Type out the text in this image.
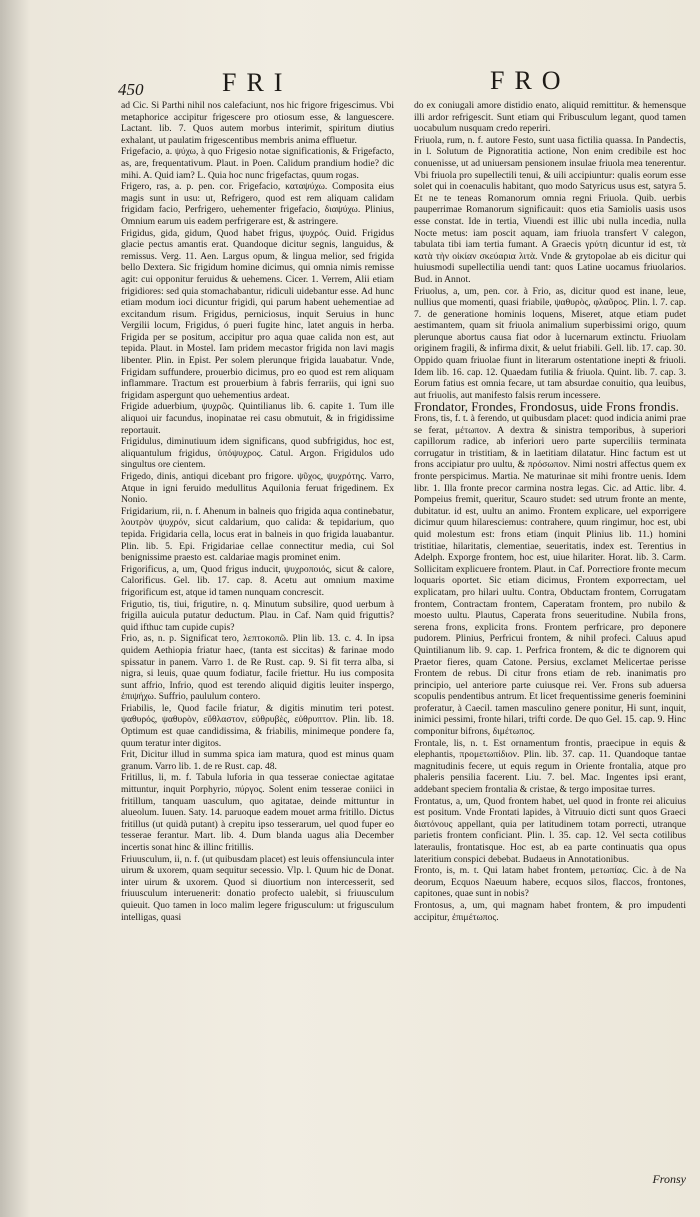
450	FRI	FRO

ad Cic. Si Parthi nihil nos calefaciunt, nos hic frigore frigescimus. Vbi metaphorice accipitur frigescere pro otiosum esse, & languescere. Lactant. lib. 7. Quos autem morbus interimit, spiritum diutius exhalant, ut paulatim frigescentibus membris anima effluetur.

Frigefacio, a. ψύχω, à quo Frigesio notae significationis, & Frigefacto, as, are, frequentativum. Plaut. in Poen. Calidum prandium hodie? dic mihi. A. Quid iam? L. Quia hoc nunc frigefactas, quum rogas.

Frigero, ras, a. p. pen. cor. Frigefacio, καταψύχω. Composita eius magis sunt in usu: ut, Refrigero, quod est rem aliquam calidam frigidam facio, Perfrigero, uehementer frigefacio, διαψύχω. Plinius, Omnium earum uis eadem perfrigerare est, & astringere.

Frigidus, gida, gidum, Quod habet frigus, ψυχρός. Ouid. Frigidus glacie pectus amantis erat. Quandoque dicitur segnis, languidus, & remissus. Verg. 11. Aen. Largus opum, & lingua melior, sed frigida bello Dextera. Sic frigidum homine dicimus, qui omnia nimis remisse agit: cui opponitur feruidus & uehemens. Cicer. 1. Verrem, Alii etiam frigidiores: sed quia stomachabantur, ridiculi uidebantur esse. Ad hunc etiam modum ioci dicuntur frigidi, qui parum habent uehementiae ad excitandum risum. Frigidus, perniciosus, inquit Seruius in hunc Vergilii locum, Frigidus, ó pueri fugite hinc, latet anguis in herba. Frigida per se positum, accipitur pro aqua quae calida non est, aut tepida. Plaut. in Mostel. Iam pridem mecastor frigida non lavi magis libenter. Plin. in Epist. Per solem plerunque frigida lauabatur. Vnde, Frigidam suffundere, prouerbio dicimus, pro eo quod est rem aliquam inflammare. Tractum est prouerbium à fabris ferrariis, qui igni suo frigidam aspergunt quo uehementius ardeat.

Frigide aduerbium, ψυχρῶς. Quintilianus lib. 6. capite 1. Tum ille aliquoi uir facundus, inopinatae rei casu obmutuit, & in frigidissime reportauit.

Frigidulus, diminutiuum idem significans, quod subfrigidus, hoc est, aliquantulum frigidus, ὑπόψυχρος. Catul. Argon. Frigidulos udo singultus ore cientem.

Frigedo, dinis, antiqui dicebant pro frigore. ψῦχος, ψυχρότης. Varro, Atque in igni feruido medullitus Aquilonia feruat frigedinem. Ex Nonio.

Frigidarium, rii, n. f. Ahenum in balneis quo frigida aqua continebatur, λουτρὸν ψυχρόν, sicut caldarium, quo calida: & tepidarium, quo tepida. Frigidaria cella, locus erat in balneis in quo frigida lauabantur. Plin. lib. 5. Epi. Frigidariae cellae connectitur media, cui Sol benignissime praesto est. caldariae magis prominet enim.

Frigorificus, a, um, Quod frigus inducit, ψυχροποιός, sicut & calore, Calorificus. Gel. lib. 17. cap. 8. Acetu aut omnium maxime frigorificum est, atque id tamen nunquam concrescit.

Frigutio, tis, tiui, frigutire, n. q. Minutum subsilire, quod uerbum à frigilla auicula putatur deductum. Plau. in Caf. Nam quid friguttis? quid ifthuc tam cupide cupis?

Frio, as, n. p. Significat tero, λεπτοκοπῶ. Plin lib. 13. c. 4. In ipsa quidem Aethiopia friatur haec, (tanta est siccitas) & farinae modo spissatur in panem. Varro 1. de Re Rust. cap. 9. Si fit terra alba, si nigra, si leuis, quae quum fodiatur, facile friettur. Hu ius composita sunt affrio, Infrio, quod est terendo aliquid digitis leuiter inspergo, ἐπιψήχω. Suffrio, paululum contero.

Friabilis, le, Quod facile friatur, & digitis minutim teri potest. ψαθυρός, ψαθυρὸν, εὔθλαστον, εὐθρυβὲς, εὐθρυπτον. Plin. lib. 18. Optimum est quae candidissima, & friabilis, minimeque pondere fa, quum teratur inter digitos.

Frit, Dicitur illud in summa spica iam matura, quod est minus quam granum. Varro lib. 1. de re Rust. cap. 48.

Fritillus, li, m. f. Tabula luforia in qua tesserae coniectae agitatae mittuntur, inquit Porphyrio, πύργος. Solent enim tesserae coniici in fritillum, tanquam uasculum, quo agitatae, deinde mittuntur in alueolum. Iuuen. Saty. 14. paruoque eadem mouet arma fritillo. Dictus fritillus (ut quidà putant) à crepitu ipso tesserarum, uel quod fuper eo tesserae ferantur. Mart. lib. 4. Dum blanda uagus alia December incertis sonat hinc & illinc fritillis.

Friuusculum, ii, n. f. (ut quibusdam placet) est leuis offensiuncula inter uirum & uxorem, quam sequitur secessio. Vlp. l. Quum hic de Donat. inter uirum & uxorem. Quod si diuortium non intercesserit, sed friuusculum interuenerit: donatio profecto ualebit, si friuusculum quieuit. Quo tamen in loco malim legere frigusculum: ut frigusculum intelligas, quasi

do ex coniugali amore distidio enato, aliquid remittitur. & hemensque illi ardor refrigescit. Sunt etiam qui Fribusculum legant, quod tamen uocabulum nusquam credo reperiri.

Friuola, rum, n. f. autore Festo, sunt uasa fictilia quassa. In Pandectis, in l. Solutum de Pignoratitia actione, Non enim credibile est hoc conuenisse, ut ad uniuersam pensionem insulae friuola mea tenerentur. Vbi friuola pro supellectili tenui, & uili accipiuntur: qualis eorum esse solet qui in coenaculis habitant, quo modo Satyricus usus est, satyra 5. Et ne te teneas Romanorum omnia regni Friuola. Quib. uerbis pauperrimae Romanorum significauit: quos etia Samiolis uasis usos esse constat. Ide in tertia, Viuendi est illic ubi nulla incedia, nulla Nocte metus: iam poscit aquam, iam friuola transfert V calegon, tabulata tibi iam tertia fumant. A Graecis γρύτη dicuntur id est, τὰ κατὰ τὴν οἰκίαν σκεύαρια λιτὰ. Vnde & grytopolae ab eis dicitur qui huiusmodi supellectilia uendi tant: quos Latine uocamus friuolarios. Bud. in Annot.

Friuolus, a, um, pen. cor. à Frio, as, dicitur quod est inane, leue, nullius que momenti, quasi friabile, ψαθυρὸς, φλαῦρος. Plin. l. 7. cap. 7. de generatione hominis loquens, Miseret, atque etiam pudet aestimantem, quam sit friuola animalium superbissimi origo, quum plerunque abortus causa fiat odor à lucernarum extinctu. Friuolam originem fragili, & infirma dixit, & uelut friabili. Gell. lib. 17. cap. 30. Oppido quam friuolae fiunt in literarum ostentatione inepti & friuoli. Idem lib. 16. cap. 12. Quaedam futilia & friuola. Quint. lib. 7. cap. 3. Eorum fatius est omnia fecare, ut tam absurdae conuitio, qua leuibus, aut friuolis, aut manifesto falsis rerum incessere.

Frondator, Frondes, Frondosus, uide Frons frondis.

Frons, tis, f. t. à ferendo, ut quibusdam placet: quod indicia animi prae se ferat, μέτωπον. A dextra & sinistra temporibus, à superiori capillorum radice, ab inferiori uero parte superciliis terminata corrugatur in tristitiam, & in laetitiam dilatatur. Hinc factum est ut frons accipiatur pro uultu, & πρόσωπον. Nimi nostri affectus quem ex fronte perspicimus. Martia. Ne maturinae sit mihi frontre uenis. Idem libr. 1. Illa fronte precor carmina nostra legas. Cic. ad Attic. libr. 4. Pompeius fremit, queritur, Scauro studet: sed utrum fronte an mente, dubitatur. id est, uultu an animo. Frontem explicare, uel exporrigere dicimur quum hilaresciemus: contrahere, quum ringimur, hoc est, ubi quid molestum est: frons etiam (inquit Plinius lib. 11.) homini tristitiae, hilaritatis, clementiae, seueritatis, index est. Terentius in Adelph. Exporge frontem, hoc est, uiue hilariter. Horat. lib. 3. Carm. Sollicitam explicuere frontem. Plaut. in Caf. Porrectiore fronte mecum loquaris oportet. Sic etiam dicimus, Frontem exporrectam, uel explicatam, pro hilari uultu. Contra, Obductam frontem, Corrugatam frontem, Contractam frontem, Caperatam frontem, pro nubilo & moesto uultu. Plautus, Caperata frons seueritudine. Nubila frons, serena frons, explicita frons. Frontem perfricare, pro deponere pudorem. Plinius, Perfricui frontem, & nihil profeci. Caluus apud Quintilianum lib. 9. cap. 1. Perfrica frontem, & dic te dignorem qui Praetor fieres, quam Catone. Persius, exclamet Melicertae perisse Frontem de rebus. Di citur frons etiam de reb. inanimatis pro principio, uel anteriore parte cuiusque rei. Ver. Frons sub aduersa scopulis pendentibus antrum. Et licet frequentissime generis foeminini proferatur, à Caecil. tamen masculino genere ponitur, Hi sunt, inquit, inimici pessimi, fronte hilari, trifti corde. De quo Gel. 15. cap. 9. Hinc componitur bifrons, διμέτωπος.

Frontale, lis, n. t. Est ornamentum frontis, praecipue in equis & elephantis, προμετωπίδιον. Plin. lib. 37. cap. 11. Quandoque tantae magnitudinis fecere, ut equis regum in Oriente frontalia, atque pro phaleris pensilia facerent. Liu. 7. bel. Mac. Ingentes ipsi erant, addebant speciem frontalia & cristae, & tergo impositae turres.

Frontatus, a, um, Quod frontem habet, uel quod in fronte rei alicuius est positum. Vnde Frontati lapides, à Vitruuio dicti sunt quos Graeci διατόνους appellant, quia per latitudinem totam porrecti, utranque parietis frontem conficiant. Plin. l. 35. cap. 12. Vel secta cotilibus lateraulis, frontatisque. Hoc est, ab ea parte continuatis qua opus lateritium conspici debebat. Budaeus in Annotationibus.

Fronto, is, m. t. Qui latam habet frontem, μετωπίας. Cic. à de Na deorum, Ecquos Naeuum habere, ecquos silos, flaccos, frontones, capitones, quae sunt in nobis?

Frontosus, a, um, qui magnam habet frontem, & pro impudenti accipitur, ἐπιμέτωπος.

Fronsy
